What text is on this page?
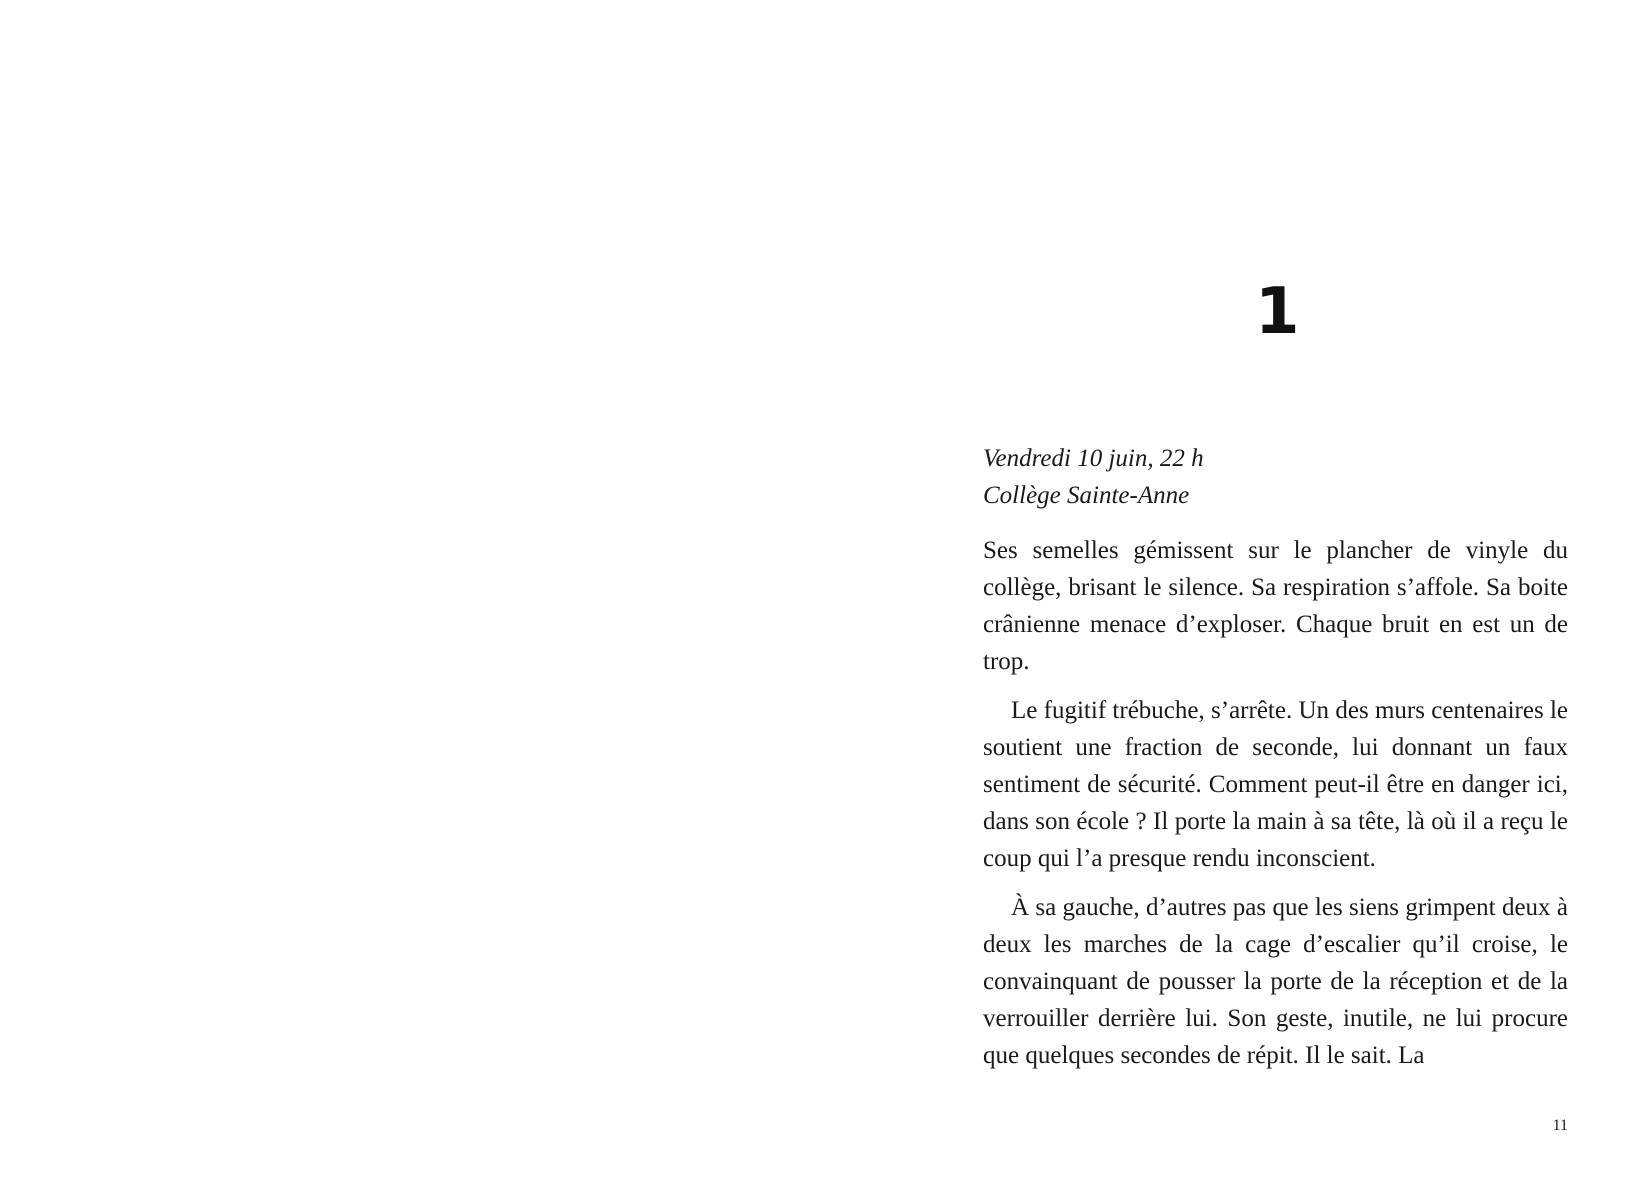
1
Vendredi 10 juin, 22 h
Collège Sainte-Anne

Ses semelles gémissent sur le plancher de vinyle du collège, brisant le silence. Sa respiration s’affole. Sa boite crânienne menace d’exploser. Chaque bruit en est un de trop.

Le fugitif trébuche, s’arrête. Un des murs centenaires le soutient une fraction de seconde, lui donnant un faux sentiment de sécurité. Comment peut-il être en danger ici, dans son école ? Il porte la main à sa tête, là où il a reçu le coup qui l’a presque rendu inconscient.

À sa gauche, d’autres pas que les siens grimpent deux à deux les marches de la cage d’escalier qu’il croise, le convainquant de pousser la porte de la réception et de la verrouiller derrière lui. Son geste, inutile, ne lui procure que quelques secondes de répit. Il le sait. La

11
